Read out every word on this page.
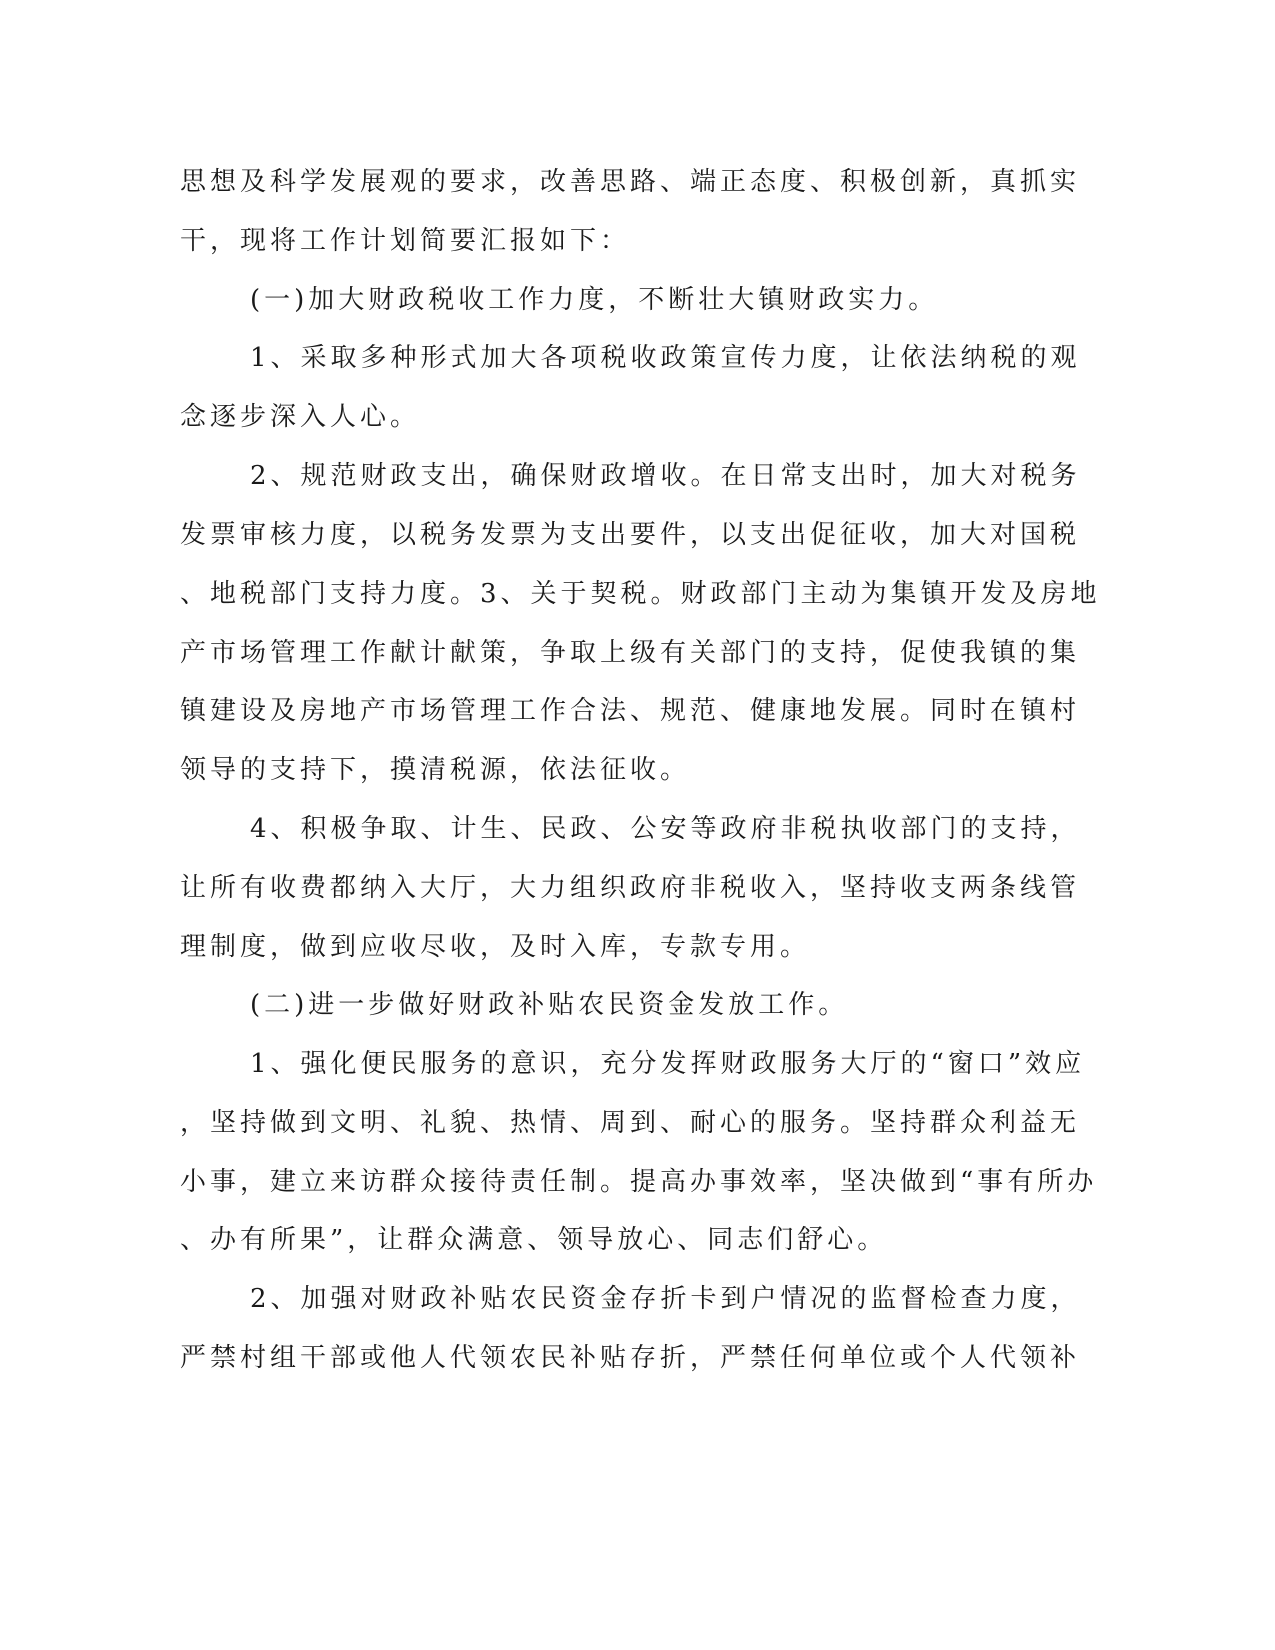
思想及科学发展观的要求，改善思路、端正态度、积极创新，真抓实
干，现将工作计划简要汇报如下：
(一)加大财政税收工作力度，不断壮大镇财政实力。
1、采取多种形式加大各项税收政策宣传力度，让依法纳税的观
念逐步深入人心。
2、规范财政支出，确保财政增收。在日常支出时，加大对税务
发票审核力度，以税务发票为支出要件，以支出促征收，加大对国税
、地税部门支持力度。3、关于契税。财政部门主动为集镇开发及房地
产市场管理工作献计献策，争取上级有关部门的支持，促使我镇的集
镇建设及房地产市场管理工作合法、规范、健康地发展。同时在镇村
领导的支持下，摸清税源，依法征收。
4、积极争取、计生、民政、公安等政府非税执收部门的支持，
让所有收费都纳入大厅，大力组织政府非税收入，坚持收支两条线管
理制度，做到应收尽收，及时入库，专款专用。
(二)进一步做好财政补贴农民资金发放工作。
1、强化便民服务的意识，充分发挥财政服务大厅的“窗口”效应
，坚持做到文明、礼貌、热情、周到、耐心的服务。坚持群众利益无
小事，建立来访群众接待责任制。提高办事效率，坚决做到“事有所办
、办有所果”，让群众满意、领导放心、同志们舒心。
2、加强对财政补贴农民资金存折卡到户情况的监督检查力度，
严禁村组干部或他人代领农民补贴存折，严禁任何单位或个人代领补
